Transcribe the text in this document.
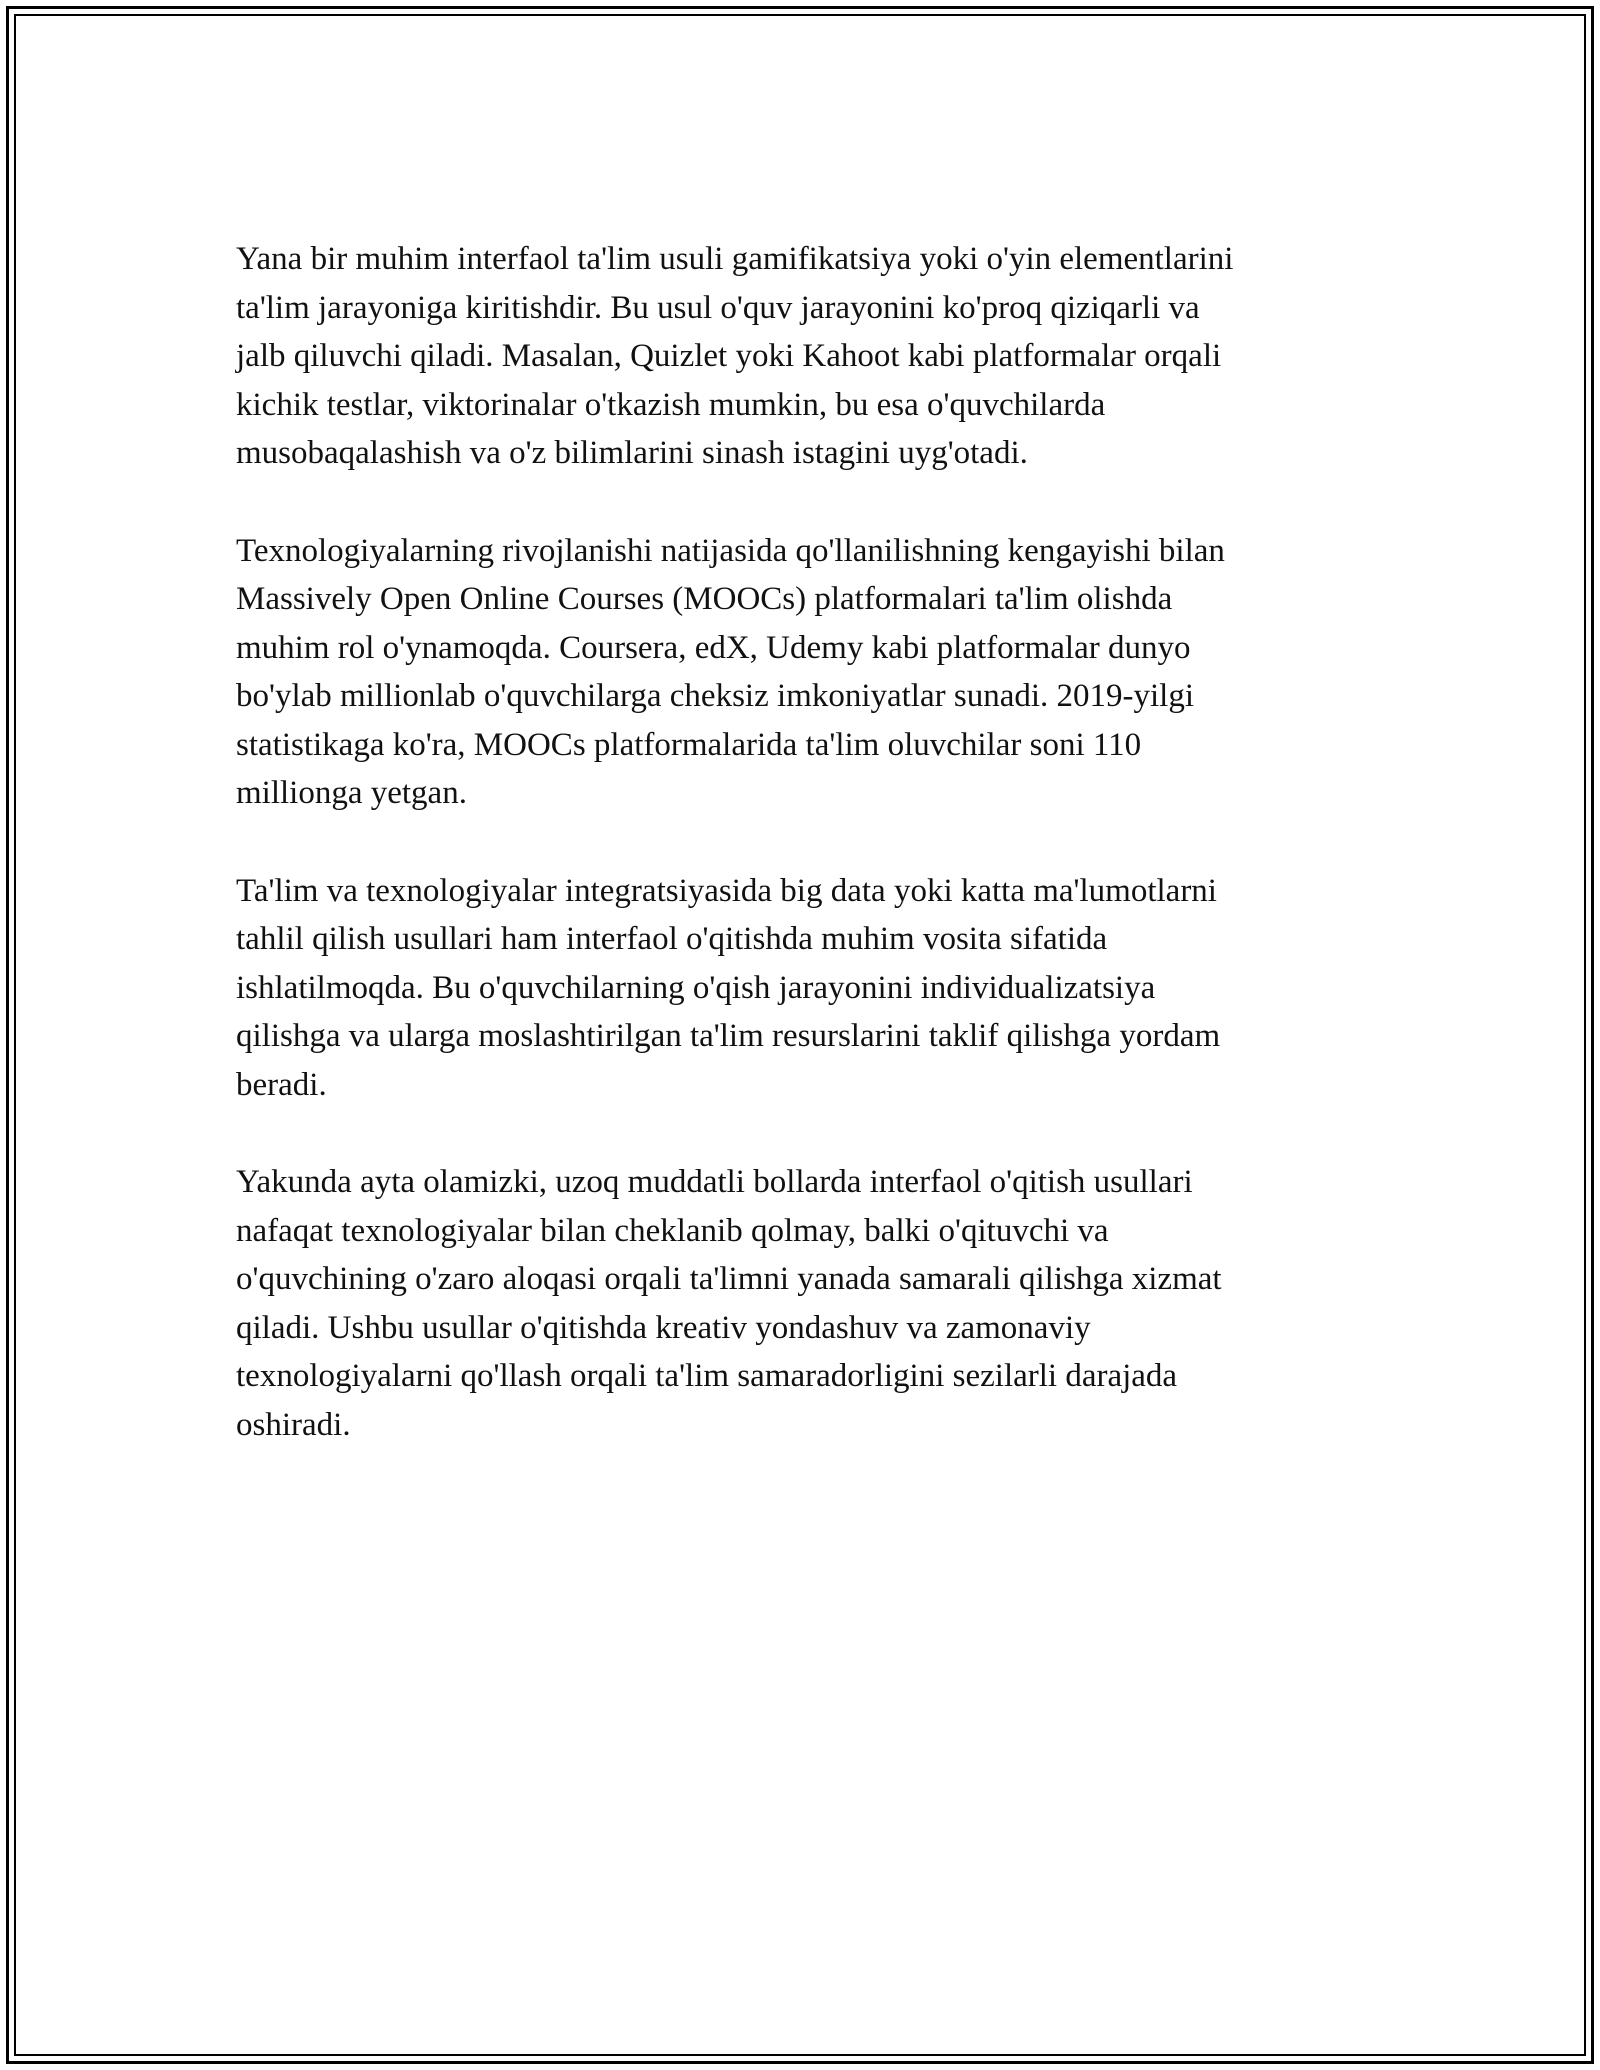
Yana bir muhim interfaol ta'lim usuli gamifikatsiya yoki o'yin elementlarini
ta'lim jarayoniga kiritishdir. Bu usul o'quv jarayonini ko'proq qiziqarli va
jalb qiluvchi qiladi. Masalan, Quizlet yoki Kahoot kabi platformalar orqali
kichik testlar, viktorinalar o'tkazish mumkin, bu esa o'quvchilarda
musobaqalashish va o'z bilimlarini sinash istagini uyg'otadi.

Texnologiyalarning rivojlanishi natijasida qo'llanilishning kengayishi bilan
Massively Open Online Courses (MOOCs) platformalari ta'lim olishda
muhim rol o'ynamoqda. Coursera, edX, Udemy kabi platformalar dunyo
bo'ylab millionlab o'quvchilarga cheksiz imkoniyatlar sunadi. 2019-yilgi
statistikaga ko'ra, MOOCs platformalarida ta'lim oluvchilar soni 110
millionga yetgan.

Ta'lim va texnologiyalar integratsiyasida big data yoki katta ma'lumotlarni
tahlil qilish usullari ham interfaol o'qitishda muhim vosita sifatida
ishlatilmoqda. Bu o'quvchilarning o'qish jarayonini individualizatsiya
qilishga va ularga moslashtirilgan ta'lim resurslarini taklif qilishga yordam
beradi.

Yakunda ayta olamizki, uzoq muddatli bollarda interfaol o'qitish usullari
nafaqat texnologiyalar bilan cheklanib qolmay, balki o'qituvchi va
o'quvchining o'zaro aloqasi orqali ta'limni yanada samarali qilishga xizmat
qiladi. Ushbu usullar o'qitishda kreativ yondashuv va zamonaviy
texnologiyalarni qo'llash orqali ta'lim samaradorligini sezilarli darajada
oshiradi.
